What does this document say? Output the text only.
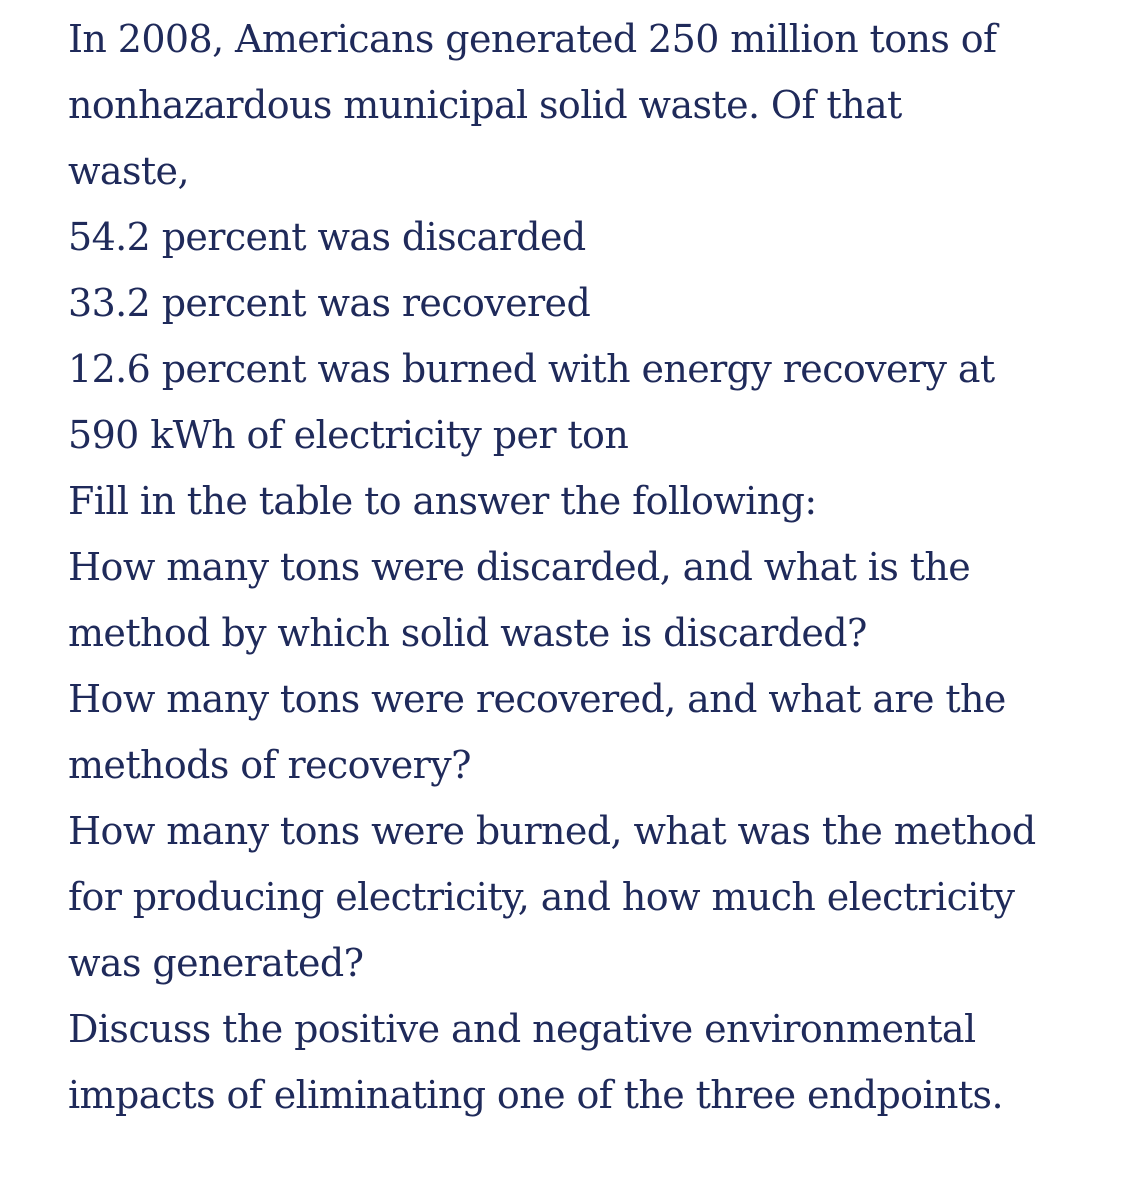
In 2008, Americans generated 250 million tons of
nonhazardous municipal solid waste. Of that
waste,
54.2 percent was discarded
33.2 percent was recovered
12.6 percent was burned with energy recovery at
590 kWh of electricity per ton
Fill in the table to answer the following:
How many tons were discarded, and what is the
method by which solid waste is discarded?
How many tons were recovered, and what are the
methods of recovery?
How many tons were burned, what was the method
for producing electricity, and how much electricity
was generated?
Discuss the positive and negative environmental
impacts of eliminating one of the three endpoints.
